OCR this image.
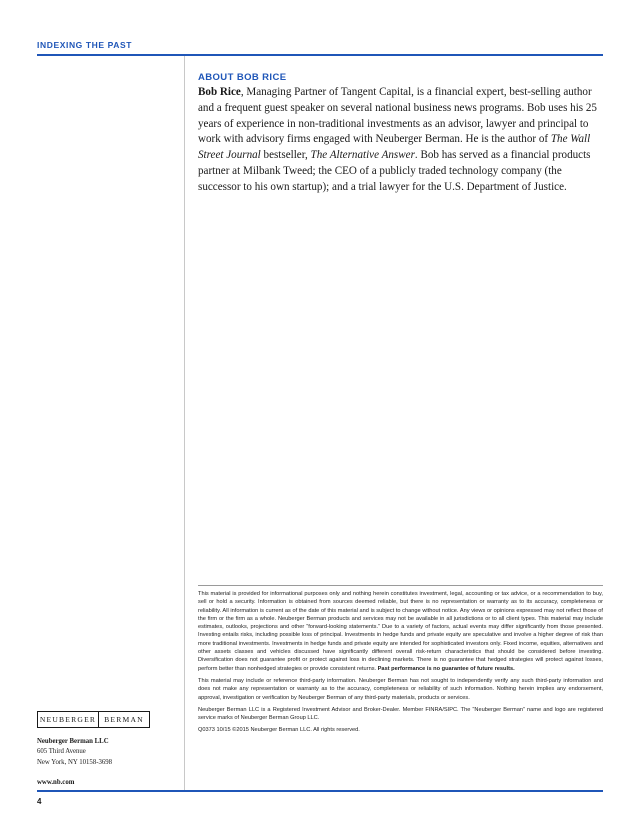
INDEXING THE PAST
ABOUT BOB RICE
Bob Rice, Managing Partner of Tangent Capital, is a financial expert, best-selling author and a frequent guest speaker on several national business news programs. Bob uses his 25 years of experience in non-traditional investments as an advisor, lawyer and principal to work with advisory firms engaged with Neuberger Berman. He is the author of The Wall Street Journal bestseller, The Alternative Answer. Bob has served as a financial products partner at Milbank Tweed; the CEO of a publicly traded technology company (the successor to his own startup); and a trial lawyer for the U.S. Department of Justice.

This material is provided for informational purposes only and nothing herein constitutes investment, legal, accounting or tax advice, or a recommendation to buy, sell or hold a security. Information is obtained from sources deemed reliable, but there is no representation or warranty as to its accuracy, completeness or reliability. All information is current as of the date of this material and is subject to change without notice. Any views or opinions expressed may not reflect those of the firm or the firm as a whole. Neuberger Berman products and services may not be available in all jurisdictions or to all client types. This material may include estimates, outlooks, projections and other “forward-looking statements.” Due to a variety of factors, actual events may differ significantly from those presented. Investing entails risks, including possible loss of principal. Investments in hedge funds and private equity are speculative and involve a higher degree of risk than more traditional investments. Investments in hedge funds and private equity are intended for sophisticated investors only. Fixed income, equities, alternatives and other assets classes and vehicles discussed have significantly different overall risk-return characteristics that should be considered before investing. Diversification does not guarantee profit or protect against loss in declining markets. There is no guarantee that hedged strategies will protect against losses, perform better than nonhedged strategies or provide consistent returns. Past performance is no guarantee of future results.

This material may include or reference third-party information. Neuberger Berman has not sought to independently verify any such third-party information and does not make any representation or warranty as to the accuracy, completeness or reliability of such information. Nothing herein implies any endorsement, approval, investigation or verification by Neuberger Berman of any third-party materials, products or services.

Neuberger Berman LLC is a Registered Investment Advisor and Broker-Dealer. Member FINRA/SIPC. The “Neuberger Berman” name and logo are registered service marks of Neuberger Berman Group LLC.

Q0373 10/15 ©2015 Neuberger Berman LLC. All rights reserved.

NEUBERGER	BERMAN
Neuberger Berman LLC
605 Third Avenue
New York, NY 10158-3698
www.nb.com
4
